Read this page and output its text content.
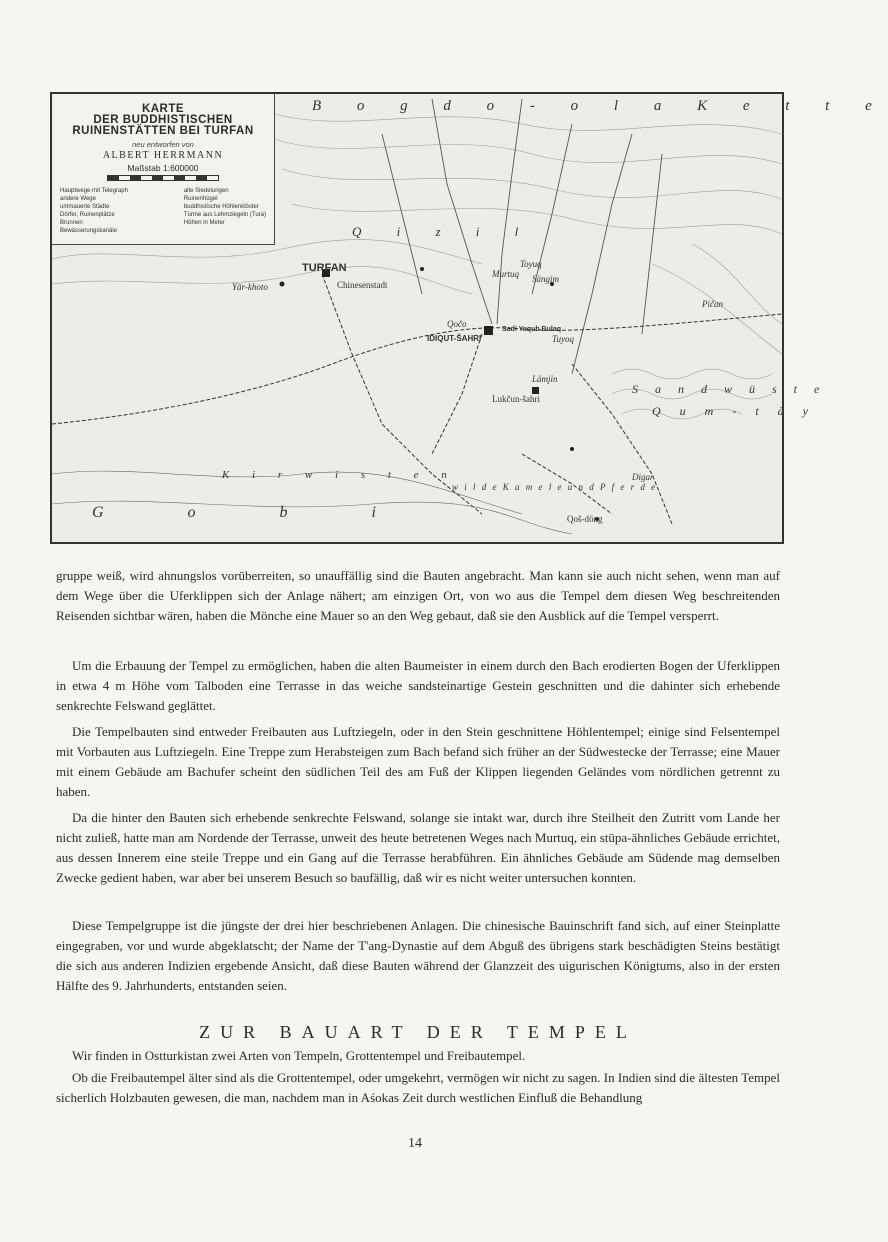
KARTE
DER BUDDHISTISCHEN
RUINENSTÄTTEN BEI TURFAN
neu entworfen von
ALBERT HERRMANN
Maßstab 1:600000
Hauptwege mit Telegraph
andere Wege
ummauerte Städte
Dörfer, Ruinenplätze
Brunnen
Bewässerungskanäle
alte Siedelungen
Ruinenhügel
buddhistische Höhlenklöster
Türme aus Lehmziegeln (Tura)
Höhen in Meter
B o g d o - o l a K e t t e
Q i z i l
K i r w i s t e n
G o b i
S a n d w ü s t e
Q u m - t ā y
w i l d e K a m e l e u n d P f e r d e
TURFAN
IDIQUT-ŠAHRI
Lukčun-šahri
Yār-khoto	Chinesenstadt
Qočo
Sadi Yaqub Bulaq
Toyuq
Sängim
Murtuq
Lämjin
Digar
Qoš-döng
Pičan
Tuyoq

gruppe weiß, wird ahnungslos vorüberreiten, so unauffällig sind die Bauten angebracht. Man kann sie auch nicht sehen, wenn man auf dem Wege über die Uferklippen sich der Anlage nähert; am einzigen Ort, von wo aus die Tempel dem diesen Weg beschreitenden Reisenden sichtbar wären, haben die Mönche eine Mauer so an den Weg gebaut, daß sie den Ausblick auf die Tempel versperrt.

Um die Erbauung der Tempel zu ermöglichen, haben die alten Baumeister in einem durch den Bach erodierten Bogen der Uferklippen in etwa 4 m Höhe vom Talboden eine Terrasse in das weiche sandsteinartige Gestein geschnitten und die dahinter sich erhebende senkrechte Felswand geglättet.

Die Tempelbauten sind entweder Freibauten aus Luftziegeln, oder in den Stein geschnittene Höhlentempel; einige sind Felsentempel mit Vorbauten aus Luftziegeln. Eine Treppe zum Herabsteigen zum Bach befand sich früher an der Südwestecke der Terrasse; eine Mauer mit einem Gebäude am Bachufer scheint den südlichen Teil des am Fuß der Klippen liegenden Geländes vom nördlichen getrennt zu haben.

Da die hinter den Bauten sich erhebende senkrechte Felswand, solange sie intakt war, durch ihre Steilheit den Zutritt vom Lande her nicht zuließ, hatte man am Nordende der Terrasse, unweit des heute betretenen Weges nach Murtuq, ein stūpa-ähnliches Gebäude errichtet, aus dessen Innerem eine steile Treppe und ein Gang auf die Terrasse herabführen. Ein ähnliches Gebäude am Südende mag demselben Zwecke gedient haben, war aber bei unserem Besuch so baufällig, daß wir es nicht weiter untersuchen konnten.

Diese Tempelgruppe ist die jüngste der drei hier beschriebenen Anlagen. Die chinesische Bauinschrift fand sich, auf einer Steinplatte eingegraben, vor und wurde abgeklatscht; der Name der T'ang-Dynastie auf dem Abguß des übrigens stark beschädigten Steins bestätigt die sich aus anderen Indizien ergebende Ansicht, daß diese Bauten während der Glanzzeit des uigurischen Königtums, also in der ersten Hälfte des 9. Jahrhunderts, entstanden seien.

ZUR BAUART DER TEMPEL

Wir finden in Ostturkistan zwei Arten von Tempeln, Grottentempel und Freibautempel.

Ob die Freibautempel älter sind als die Grottentempel, oder umgekehrt, vermögen wir nicht zu sagen. In Indien sind die ältesten Tempel sicherlich Holzbauten gewesen, die man, nachdem man in Aśokas Zeit durch westlichen Einfluß die Behandlung

14
